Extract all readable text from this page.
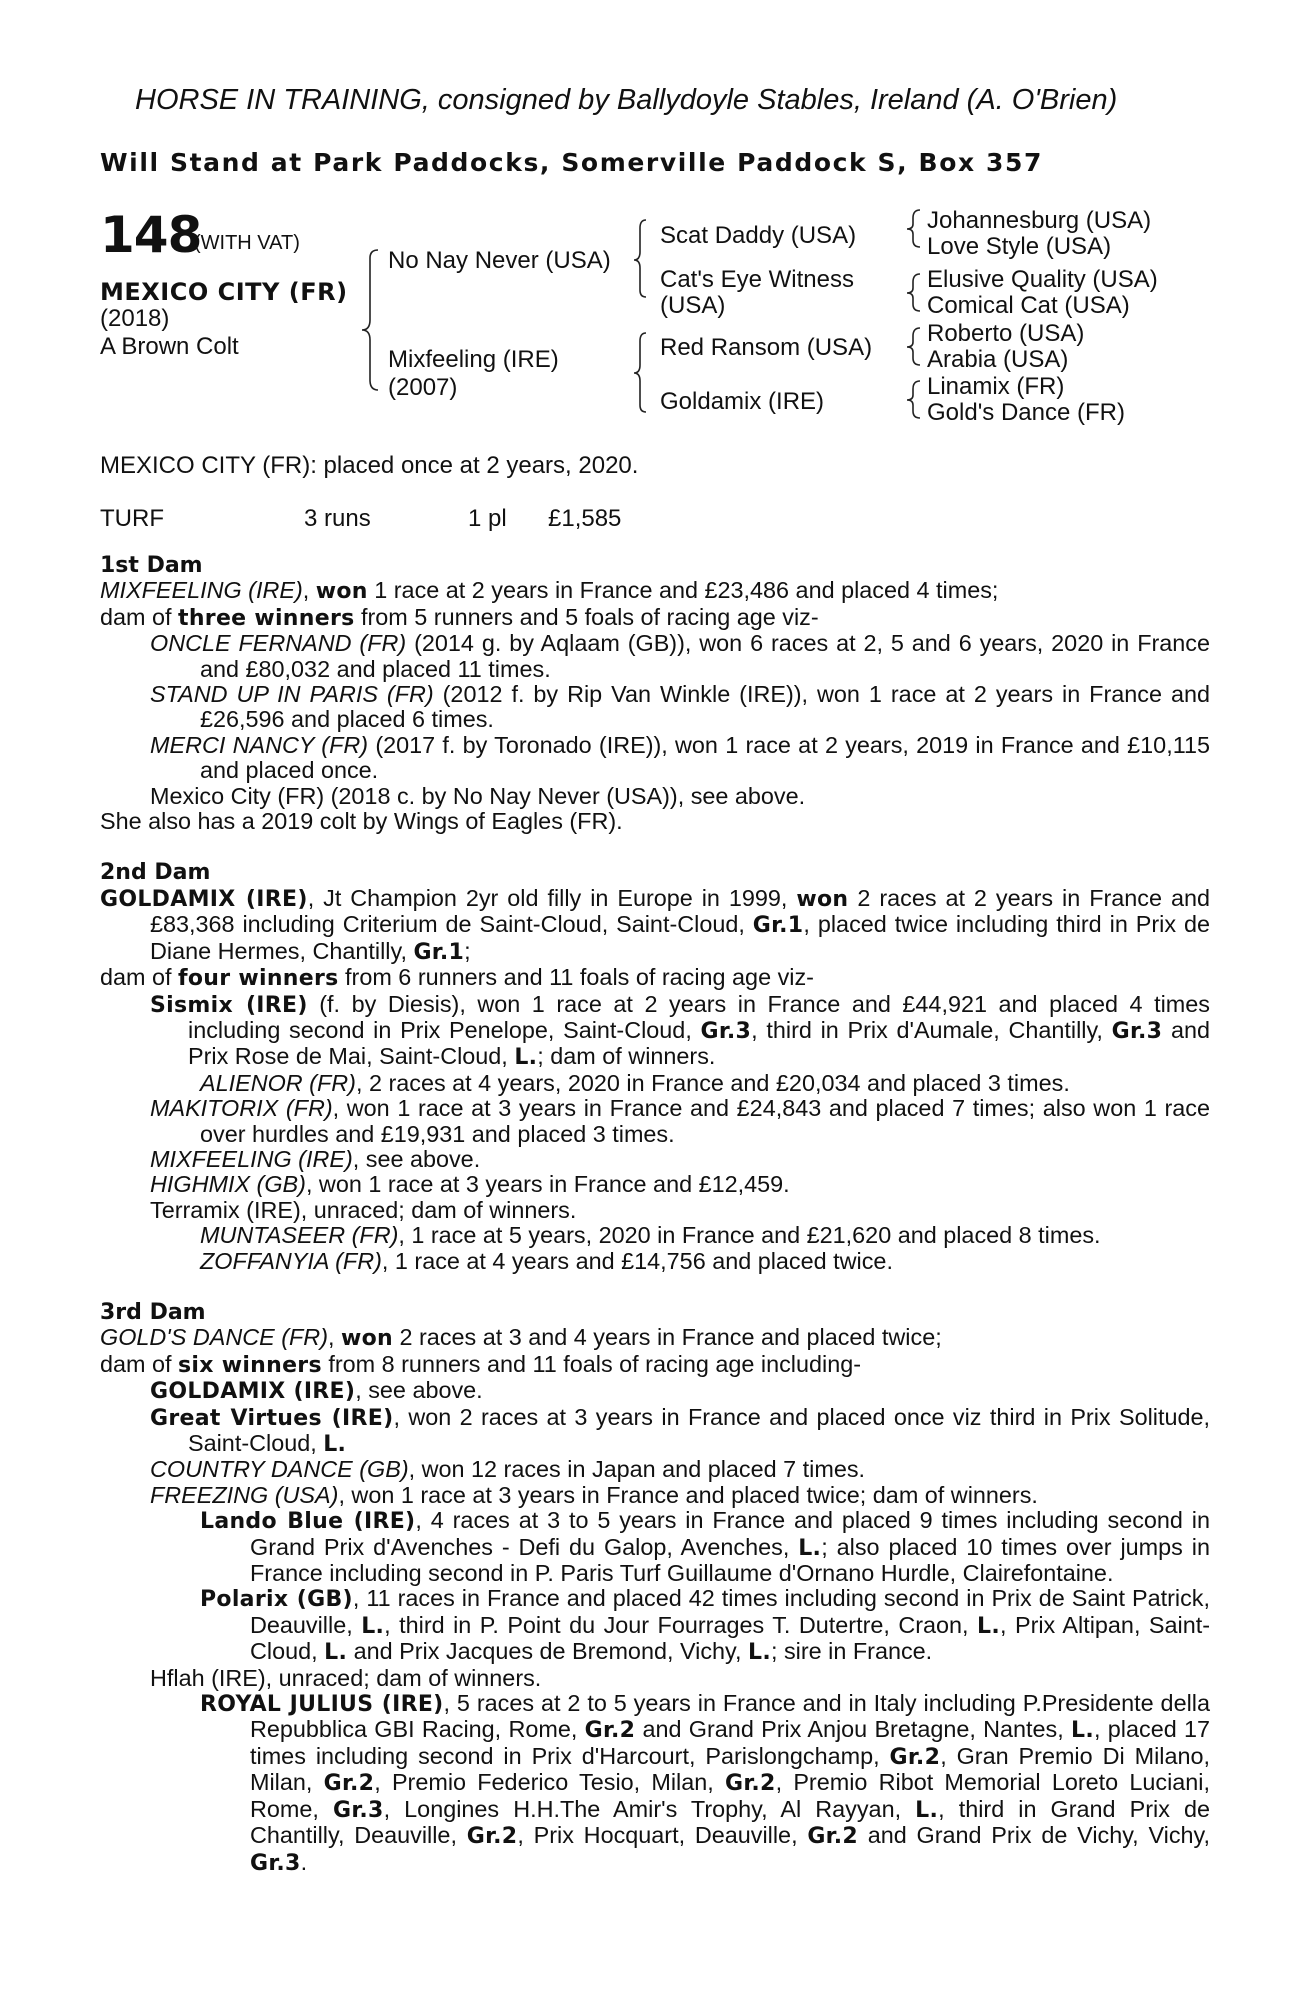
HORSE IN TRAINING, consigned by Ballydoyle Stables, Ireland (A. O'Brien)
Will Stand at Park Paddocks, Somerville Paddock S, Box 357
148
(WITH VAT)
MEXICO CITY (FR)
(2018)
A Brown Colt
No Nay Never (USA)
Mixfeeling (IRE)
(2007)
Scat Daddy (USA)
Cat's Eye Witness
(USA)
Red Ransom (USA)
Goldamix (IRE)
Johannesburg (USA)
Love Style (USA)
Elusive Quality (USA)
Comical Cat (USA)
Roberto (USA)
Arabia (USA)
Linamix (FR)
Gold's Dance (FR)
MEXICO CITY (FR): placed once at 2 years, 2020.
TURF	3 runs	1 pl £1,585
1st Dam
MIXFEELING (IRE), won 1 race at 2 years in France and £23,486 and placed 4 times;
dam of three winners from 5 runners and 5 foals of racing age viz-
ONCLE FERNAND (FR) (2014 g. by Aqlaam (GB)), won 6 races at 2, 5 and 6 years, 2020 in France and £80,032 and placed 11 times.
STAND UP IN PARIS (FR) (2012 f. by Rip Van Winkle (IRE)), won 1 race at 2 years in France and £26,596 and placed 6 times.
MERCI NANCY (FR) (2017 f. by Toronado (IRE)), won 1 race at 2 years, 2019 in France and £10,115 and placed once.
Mexico City (FR) (2018 c. by No Nay Never (USA)), see above.
She also has a 2019 colt by Wings of Eagles (FR).
2nd Dam
GOLDAMIX (IRE), Jt Champion 2yr old filly in Europe in 1999, won 2 races at 2 years in France and £83,368 including Criterium de Saint-Cloud, Saint-Cloud, Gr.1, placed twice including third in Prix de Diane Hermes, Chantilly, Gr.1;
dam of four winners from 6 runners and 11 foals of racing age viz-
Sismix (IRE) (f. by Diesis), won 1 race at 2 years in France and £44,921 and placed 4 times including second in Prix Penelope, Saint-Cloud, Gr.3, third in Prix d'Aumale, Chantilly, Gr.3 and Prix Rose de Mai, Saint-Cloud, L.; dam of winners.
ALIENOR (FR), 2 races at 4 years, 2020 in France and £20,034 and placed 3 times.
MAKITORIX (FR), won 1 race at 3 years in France and £24,843 and placed 7 times; also won 1 race over hurdles and £19,931 and placed 3 times.
MIXFEELING (IRE), see above.
HIGHMIX (GB), won 1 race at 3 years in France and £12,459.
Terramix (IRE), unraced; dam of winners.
MUNTASEER (FR), 1 race at 5 years, 2020 in France and £21,620 and placed 8 times.
ZOFFANYIA (FR), 1 race at 4 years and £14,756 and placed twice.
3rd Dam
GOLD'S DANCE (FR), won 2 races at 3 and 4 years in France and placed twice;
dam of six winners from 8 runners and 11 foals of racing age including-
GOLDAMIX (IRE), see above.
Great Virtues (IRE), won 2 races at 3 years in France and placed once viz third in Prix Solitude, Saint-Cloud, L.
COUNTRY DANCE (GB), won 12 races in Japan and placed 7 times.
FREEZING (USA), won 1 race at 3 years in France and placed twice; dam of winners.
Lando Blue (IRE), 4 races at 3 to 5 years in France and placed 9 times including second in Grand Prix d'Avenches - Defi du Galop, Avenches, L.; also placed 10 times over jumps in France including second in P. Paris Turf Guillaume d'Ornano Hurdle, Clairefontaine.
Polarix (GB), 11 races in France and placed 42 times including second in Prix de Saint Patrick, Deauville, L., third in P. Point du Jour Fourrages T. Dutertre, Craon, L., Prix Altipan, Saint-Cloud, L. and Prix Jacques de Bremond, Vichy, L.; sire in France.
Hflah (IRE), unraced; dam of winners.
ROYAL JULIUS (IRE), 5 races at 2 to 5 years in France and in Italy including P.Presidente della Repubblica GBI Racing, Rome, Gr.2 and Grand Prix Anjou Bretagne, Nantes, L., placed 17 times including second in Prix d'Harcourt, Parislongchamp, Gr.2, Gran Premio Di Milano, Milan, Gr.2, Premio Federico Tesio, Milan, Gr.2, Premio Ribot Memorial Loreto Luciani, Rome, Gr.3, Longines H.H.The Amir's Trophy, Al Rayyan, L., third in Grand Prix de Chantilly, Deauville, Gr.2, Prix Hocquart, Deauville, Gr.2 and Grand Prix de Vichy, Vichy, Gr.3.
